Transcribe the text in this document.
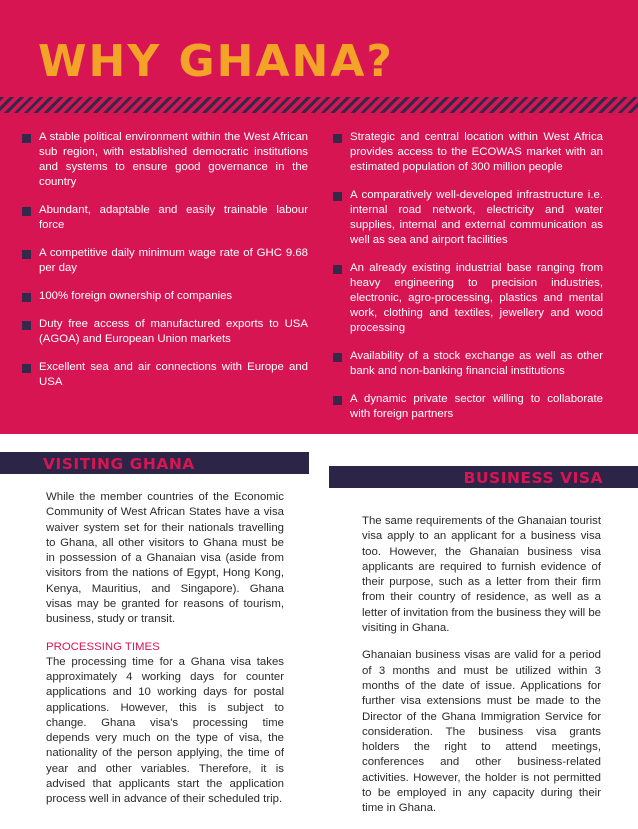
WHY GHANA?
A stable political environment within the West African sub region, with established democratic institutions and systems to ensure good governance in the country
Abundant, adaptable and easily trainable labour force
A competitive daily minimum wage rate of GHC 9.68 per day
100% foreign ownership of companies
Duty free access of manufactured exports to USA (AGOA) and European Union markets
Excellent sea and air connections with Europe and USA
Strategic and central location within West Africa provides access to the ECOWAS market with an estimated population of 300 million people
A comparatively well-developed infrastructure i.e. internal road network, electricity and water supplies, internal and external communication as well as sea and airport facilities
An already existing industrial base ranging from heavy engineering to precision industries, electronic, agro-processing, plastics and mental work, clothing and textiles, jewellery and wood processing
Availability of a stock exchange as well as other bank and non-banking financial institutions
A dynamic private sector willing to collaborate with foreign partners
VISITING GHANA
BUSINESS VISA

While the member countries of the Economic Community of West African States have a visa waiver system set for their nationals travelling to Ghana, all other visitors to Ghana must be in possession of a Ghanaian visa (aside from visitors from the nations of Egypt, Hong Kong, Kenya, Mauritius, and Singapore). Ghana visas may be granted for reasons of tourism, business, study or transit.

PROCESSING TIMES

The processing time for a Ghana visa takes approximately 4 working days for counter applications and 10 working days for postal applications. However, this is subject to change. Ghana visa's processing time depends very much on the type of visa, the nationality of the person applying, the time of year and other variables. Therefore, it is advised that applicants start the application process well in advance of their scheduled trip.

The same requirements of the Ghanaian tourist visa apply to an applicant for a business visa too. However, the Ghanaian business visa applicants are required to furnish evidence of their purpose, such as a letter from their firm from their country of residence, as well as a letter of invitation from the business they will be visiting in Ghana.

Ghanaian business visas are valid for a period of 3 months and must be utilized within 3 months of the date of issue. Applications for further visa extensions must be made to the Director of the Ghana Immigration Service for consideration. The business visa grants holders the right to attend meetings, conferences and other business-related activities. However, the holder is not permitted to be employed in any capacity during their time in Ghana.
